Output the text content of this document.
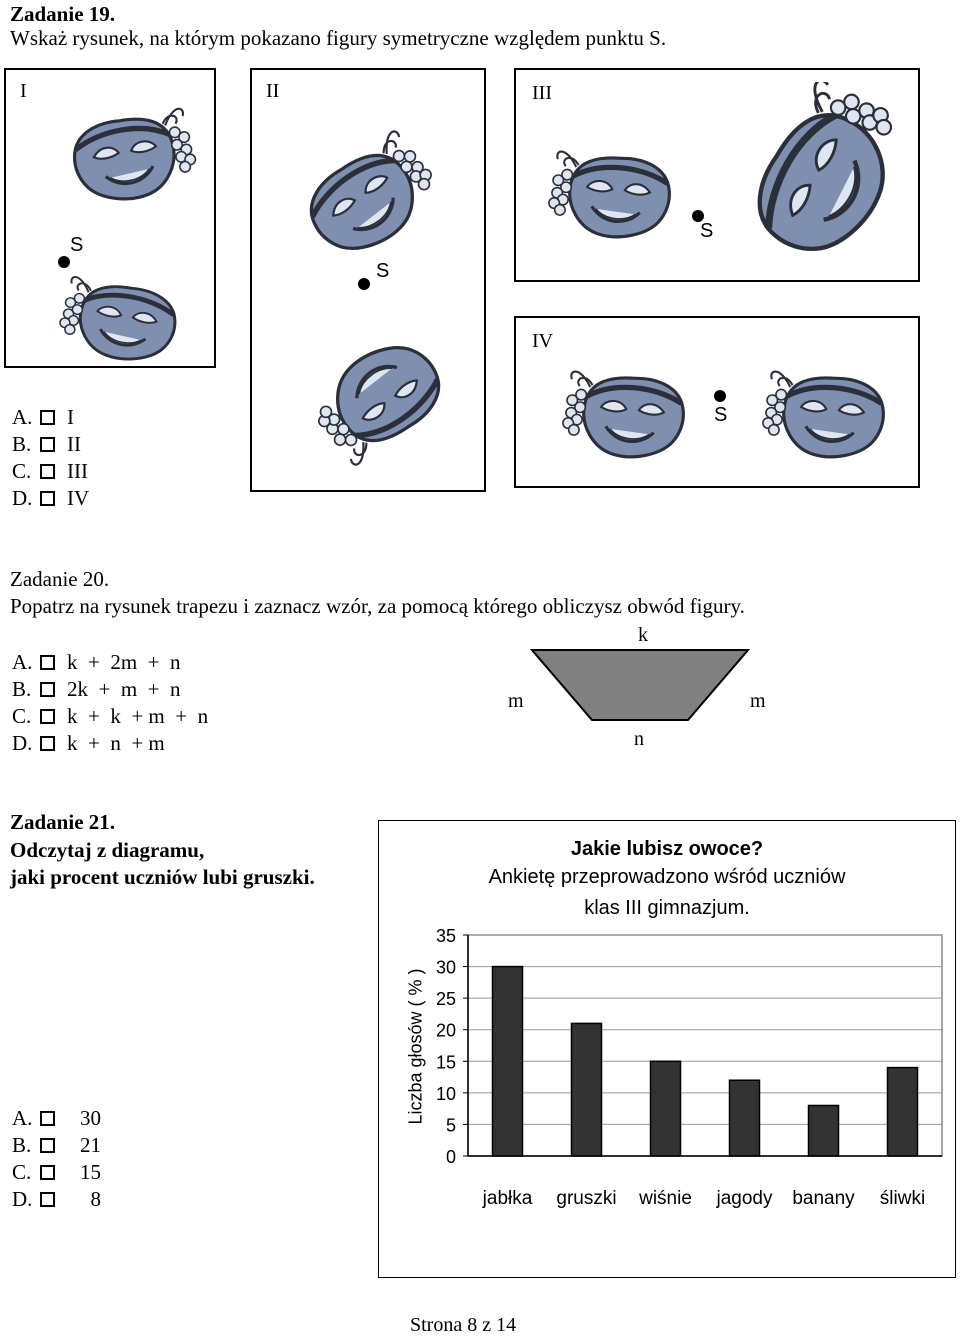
Zadanie 19.
Wskaż rysunek, na którym pokazano figury symetryczne względem punktu S.
I
S
II
S
III
S
IV
S
A.	I
B.	II
C.	III
D.	IV
Zadanie 20.
Popatrz na rysunek trapezu i zaznacz wzór, za pomocą którego obliczysz obwód figury.
A.	k  +  2m  +  n
B.	2k  +  m  +  n
C.	k  +  k  + m  +  n
D.	k  +  n  + m
k
m	m
n
Zadanie 21.
Odczytaj z diagramu,
jaki procent uczniów lubi gruszki.
A.	30
B.	21
C.	15
D.	8
Jakie lubisz owoce?
Ankietę przeprowadzono wśród uczniów
klas III gimnazjum.
Liczba głosów ( % )
0
5
10
15
20
25
30
35
jabłka gruszki wiśnie jagody banany śliwki
Strona 8 z 14
